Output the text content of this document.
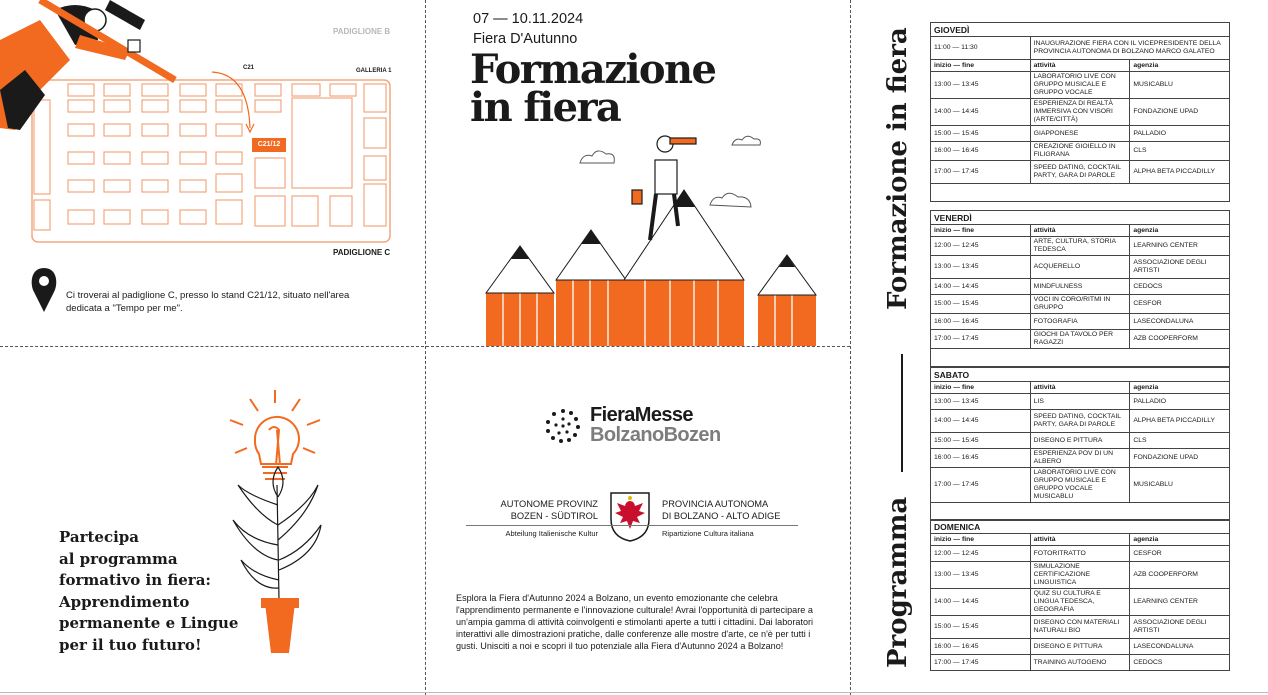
PADIGLIONE B
GALLERIA 1
C21
C21/12
PADIGLIONE C
Ci troverai al padiglione C, presso lo stand C21/12, situato nell'area dedicata a "Tempo per me".
07 — 10.11.2024
Fiera D'Autunno
Formazione
in fiera
Partecipa
al programma
formativo in fiera:
Apprendimento
permanente e Lingue
per il tuo futuro!
FieraMesse
BolzanoBozen
AUTONOME PROVINZ
BOZEN - SÜDTIROL
PROVINCIA AUTONOMA
DI BOLZANO - ALTO ADIGE
Abteilung Italienische Kultur	Ripartizione Cultura italiana
Esplora la Fiera d'Autunno 2024 a Bolzano, un evento emozionante che celebra l'apprendimento permanente e l'innovazione culturale! Avrai l'opportunità di partecipare a un'ampia gamma di attività coinvolgenti e stimolanti aperte a tutti i cittadini. Dai laboratori interattivi alle dimostrazioni pratiche, dalle conferenze alle mostre d'arte, ce n'è per tutti i gusti. Unisciti a noi e scopri il tuo potenziale alla Fiera d'Autunno 2024 a Bolzano!
Formazione in fiera
Programma
GIOVEDÌ		
11:00 — 11:30	INAUGURAZIONE FIERA CON IL VICEPRESIDENTE DELLA PROVINCIA AUTONOMA DI BOLZANO MARCO GALATEO	
inizio — fine	attività	agenzia
13:00 — 13:45	LABORATORIO LIVE CON GRUPPO MUSICALE E GRUPPO VOCALE	MUSICABLU
14:00 — 14:45	ESPERIENZA DI REALTÀ IMMERSIVA CON VISORI (ARTE/CITTÀ)	FONDAZIONE UPAD
15:00 — 15:45	GIAPPONESE	PALLADIO
16:00 — 16:45	CREAZIONE GIOIELLO IN FILIGRANA	CLS
17:00 — 17:45	SPEED DATING, COCKTAIL PARTY, GARA DI PAROLE	ALPHA BETA PICCADILLY

VENERDÌ		
inizio — fine	attività	agenzia
12:00 — 12:45	ARTE, CULTURA, STORIA TEDESCA	LEARNING CENTER
13:00 — 13:45	ACQUERELLO	ASSOCIAZIONE DEGLI ARTISTI
14:00 — 14:45	MINDFULNESS	CEDOCS
15:00 — 15:45	VOCI IN CORO/RITMI IN GRUPPO	CESFOR
16:00 — 16:45	FOTOGRAFIA	LASECONDALUNA
17:00 — 17:45	GIOCHI DA TAVOLO PER RAGAZZI	AZB COOPERFORM

SABATO		
inizio — fine	attività	agenzia
13:00 — 13:45	LIS	PALLADIO
14:00 — 14:45	SPEED DATING, COCKTAIL PARTY, GARA DI PAROLE	ALPHA BETA PICCADILLY
15:00 — 15:45	DISEGNO E PITTURA	CLS
16:00 — 16:45	ESPERIENZA POV DI UN ALBERO	FONDAZIONE UPAD
17:00 — 17:45	LABORATORIO LIVE CON GRUPPO MUSICALE E GRUPPO VOCALE MUSICABLU	MUSICABLU

DOMENICA		
inizio — fine	attività	agenzia
12:00 — 12:45	FOTORITRATTO	CESFOR
13:00 — 13:45	SIMULAZIONE CERTIFICAZIONE LINGUISTICA	AZB COOPERFORM
14:00 — 14:45	QUIZ SU CULTURA E LINGUA TEDESCA, GEOGRAFIA	LEARNING CENTER
15:00 — 15:45	DISEGNO CON MATERIALI NATURALI BIO	ASSOCIAZIONE DEGLI ARTISTI
16:00 — 16:45	DISEGNO E PITTURA	LASECONDALUNA
17:00 — 17:45	TRAINING AUTOGENO	CEDOCS
